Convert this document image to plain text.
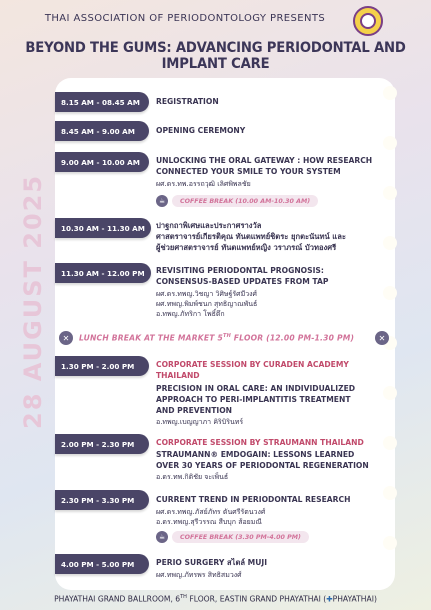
THAI ASSOCIATION OF PERIODONTOLOGY PRESENTS
BEYOND THE GUMS: ADVANCING PERIODONTAL AND IMPLANT CARE
28 AUGUST 2025
8.15 AM - 08.45 AM	REGISTRATION
8.45 AM - 9.00 AM	OPENING CEREMONY
9.00 AM - 10.00 AM	UNLOCKING THE ORAL GATEWAY : HOW RESEARCH
CONNECTED YOUR SMILE TO YOUR SYSTEM
ผศ.ดร.ทพ.อรรถวุฒิ เลิศพิพลชัย
☕	COFFEE BREAK (10.00 AM-10.30 AM)
10.30 AM - 11.30 AM	ปาฐกถาพิเศษและประกาศรางวัล
ศาสตราจารย์เกียรติคุณ ทันตแพทย์ชิตระ ยุกตะนันทน์ และ
ผู้ช่วยศาสตราจารย์ ทันตแพทย์หญิง วราภรณ์ บัวทองศรี
11.30 AM - 12.00 PM	REVISITING PERIODONTAL PROGNOSIS:
CONSENSUS-BASED UPDATES FROM TAP
ผศ.ดร.ทพญ.วิชญา วิศิษฐ์รัศมีวงศ์
ผศ.ทพญ.พิมพ์ชนก สุทธิญาณพันธ์
อ.ทพญ.ภัทริกา โพธิ์ตึก
✕	LUNCH BREAK AT THE MARKET 5TH FLOOR (12.00 PM-1.30 PM)	✕
1.30 PM - 2.00 PM	CORPORATE SESSION BY CURADEN ACADEMY
THAILAND
PRECISION IN ORAL CARE: AN INDIVIDUALIZED
APPROACH TO PERI-IMPLANTITIS TREATMENT
AND PREVENTION
อ.ทพญ.เบญญาภา คิริบิรินทร์
2.00 PM - 2.30 PM	CORPORATE SESSION BY STRAUMANN THAILAND
STRAUMANN® EMDOGAIN: LESSONS LEARNED
OVER 30 YEARS OF PERIODONTAL REGENERATION
อ.ดร.ทพ.กิติชัย จะเพ็นธ์
2.30 PM - 3.30 PM	CURRENT TREND IN PERIODONTAL RESEARCH
ผศ.ดร.ทพญ.ภัสย์ภัทร ตันศรีรัตนวงศ์
อ.ดร.ทพญ.สุรีวรรณ สืบบุก ส้อยมณี
☕	COFFEE BREAK (3.30 PM-4.00 PM)
4.00 PM - 5.00 PM	PERIO SURGERY สไตล์ MUJI
ผศ.ทพญ.ภัทรพร สิทธิสมวงศ์
PHAYATHAI GRAND BALLROOM, 6TH FLOOR, EASTIN GRAND PHAYATHAI (✚PHAYATHAI)
